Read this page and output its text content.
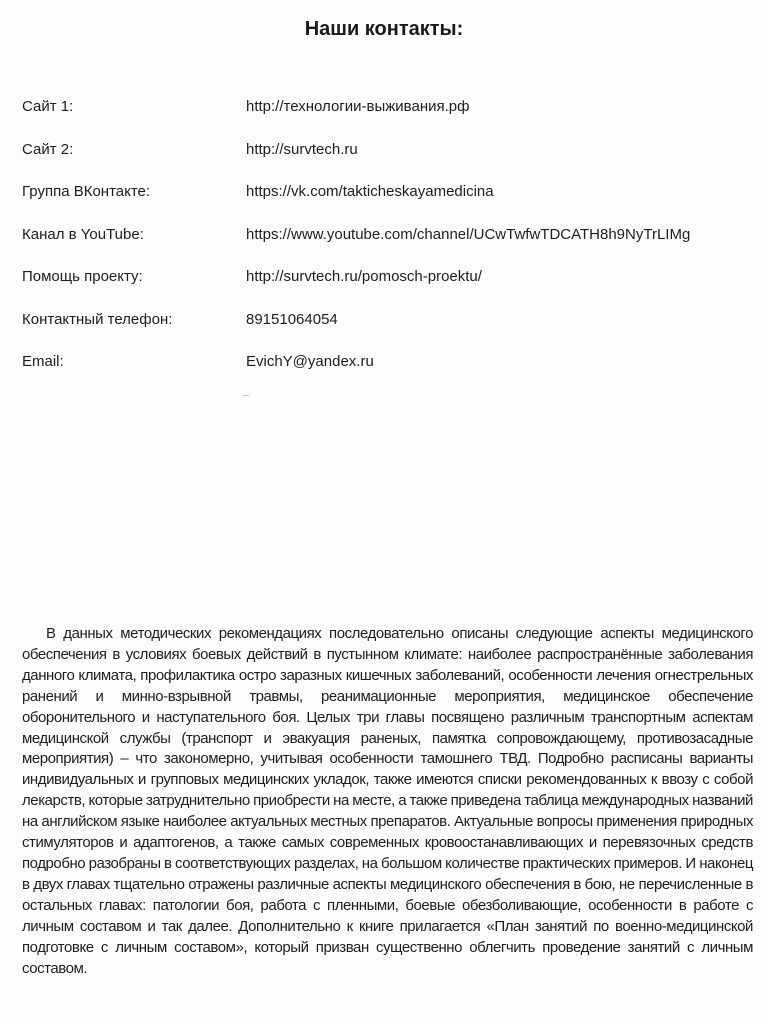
Наши контакты:
Сайт 1:	http://технологии-выживания.рф
Сайт 2:	http://survtech.ru
Группа ВКонтакте:	https://vk.com/takticheskayamedicina
Канал в YouTube:	https://www.youtube.com/channel/UCwTwfwTDCATH8h9NyTrLIMg
Помощь проекту:	http://survtech.ru/pomosch-proektu/
Контактный телефон:	89151064054
Email:	EvichY@yandex.ru

В данных методических рекомендациях последовательно описаны следующие аспекты медицинского обеспечения в условиях боевых действий в пустынном климате: наиболее распространённые заболевания данного климата, профилактика остро заразных кишечных заболеваний, особенности лечения огнестрельных ранений и минно-взрывной травмы, реанимационные мероприятия, медицинское обеспечение оборонительного и наступательного боя. Целых три главы посвящено различным транспортным аспектам медицинской службы (транспорт и эвакуация раненых, памятка сопровождающему, противозасадные мероприятия) – что закономерно, учитывая особенности тамошнего ТВД. Подробно расписаны варианты индивидуальных и групповых медицинских укладок, также имеются списки рекомендованных к ввозу с собой лекарств, которые затруднительно приобрести на месте, а также приведена таблица международных названий на английском языке наиболее актуальных местных препаратов. Актуальные вопросы применения природных стимуляторов и адаптогенов, а также самых современных кровоостанавливающих и перевязочных средств подробно разобраны в соответствующих разделах, на большом количестве практических примеров. И наконец в двух главах тщательно отражены различные аспекты медицинского обеспечения в бою, не перечисленные в остальных главах: патологии боя, работа с пленными, боевые обезболивающие, особенности в работе с личным составом и так далее. Дополнительно к книге прилагается «План занятий по военно-медицинской подготовке с личным составом», который призван существенно облегчить проведение занятий с личным составом.
